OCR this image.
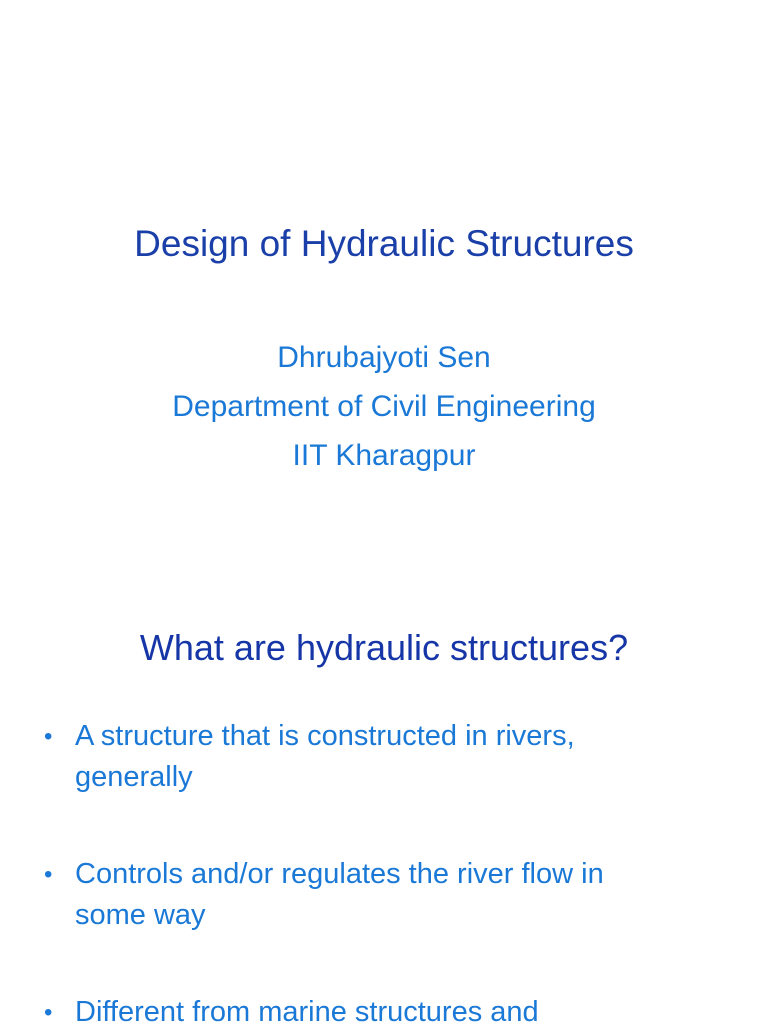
Design of Hydraulic Structures
Dhrubajyoti Sen
Department of Civil Engineering
IIT Kharagpur
What are hydraulic structures?
• A structure that is constructed in rivers,
generally
• Controls and/or regulates the river flow in
some way
• Different from marine structures and
